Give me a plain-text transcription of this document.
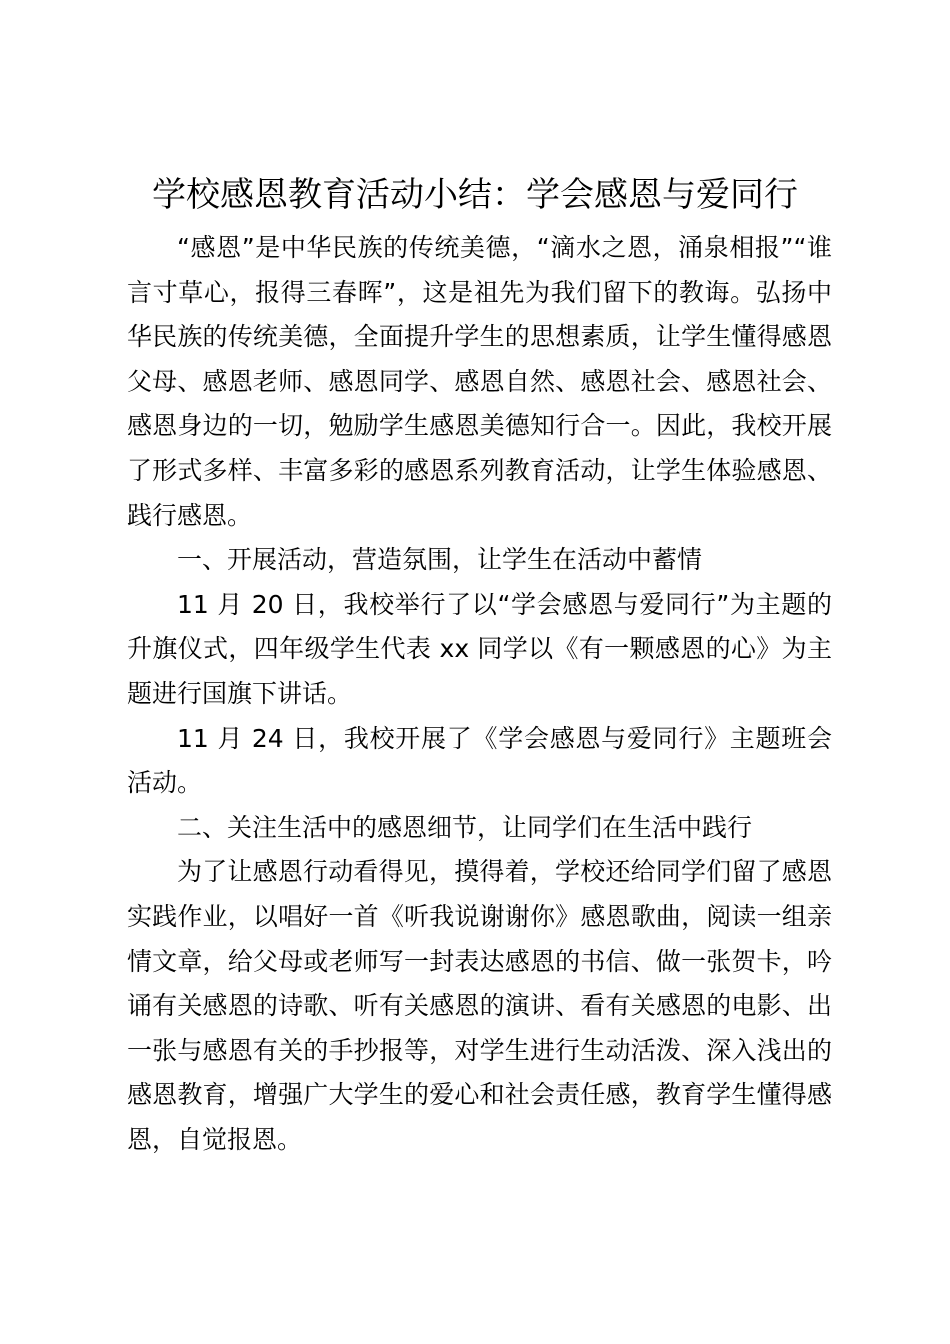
学校感恩教育活动小结：学会感恩与爱同行

“感恩”是中华民族的传统美德，“滴水之恩，涌泉相报”“谁言寸草心，报得三春晖”，这是祖先为我们留下的教诲。弘扬中华民族的传统美德，全面提升学生的思想素质，让学生懂得感恩父母、感恩老师、感恩同学、感恩自然、感恩社会、感恩社会、感恩身边的一切，勉励学生感恩美德知行合一。因此，我校开展了形式多样、丰富多彩的感恩系列教育活动，让学生体验感恩、践行感恩。

一、开展活动，营造氛围，让学生在活动中蓄情

11 月 20 日，我校举行了以“学会感恩与爱同行”为主题的升旗仪式，四年级学生代表 xx 同学以《有一颗感恩的心》为主题进行国旗下讲话。

11 月 24 日，我校开展了《学会感恩与爱同行》主题班会活动。

二、关注生活中的感恩细节，让同学们在生活中践行

为了让感恩行动看得见，摸得着，学校还给同学们留了感恩实践作业，以唱好一首《听我说谢谢你》感恩歌曲，阅读一组亲情文章，给父母或老师写一封表达感恩的书信、做一张贺卡，吟诵有关感恩的诗歌、听有关感恩的演讲、看有关感恩的电影、出一张与感恩有关的手抄报等，对学生进行生动活泼、深入浅出的感恩教育，增强广大学生的爱心和社会责任感，教育学生懂得感恩，自觉报恩。
